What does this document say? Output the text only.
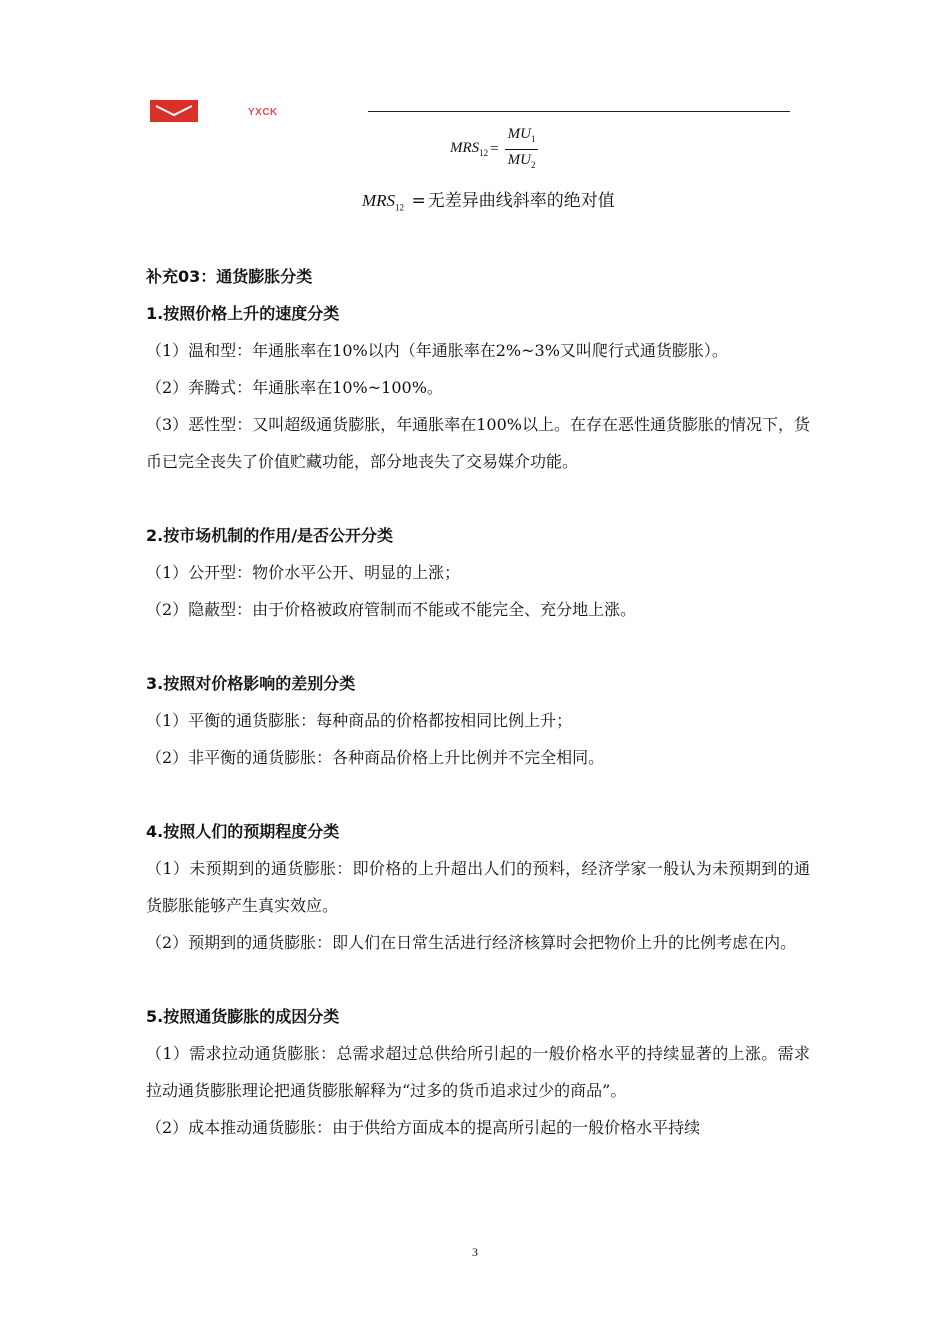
YXCK
$MRS_{12} = \frac{MU_1}{MU_2}$
$MRS_{12}$ = 无差异曲线斜率的绝对值
补充03：通货膨胀分类
1.按照价格上升的速度分类

（1）温和型：年通胀率在10%以内（年通胀率在2%~3%又叫爬行式通货膨胀）。

（2）奔腾式：年通胀率在10%~100%。

（3）恶性型：又叫超级通货膨胀，年通胀率在100%以上。在存在恶性通货膨胀的情况下，货币已完全丧失了价值贮藏功能，部分地丧失了交易媒介功能。

2.按市场机制的作用/是否公开分类

（1）公开型：物价水平公开、明显的上涨；

（2）隐蔽型：由于价格被政府管制而不能或不能完全、充分地上涨。

3.按照对价格影响的差别分类

（1）平衡的通货膨胀：每种商品的价格都按相同比例上升；

（2）非平衡的通货膨胀：各种商品价格上升比例并不完全相同。

4.按照人们的预期程度分类

（1）未预期到的通货膨胀：即价格的上升超出人们的预料，经济学家一般认为未预期到的通货膨胀能够产生真实效应。

（2）预期到的通货膨胀：即人们在日常生活进行经济核算时会把物价上升的比例考虑在内。

5.按照通货膨胀的成因分类

（1）需求拉动通货膨胀：总需求超过总供给所引起的一般价格水平的持续显著的上涨。需求拉动通货膨胀理论把通货膨胀解释为“过多的货币追求过少的商品”。

（2）成本推动通货膨胀：由于供给方面成本的提高所引起的一般价格水平持续

3
